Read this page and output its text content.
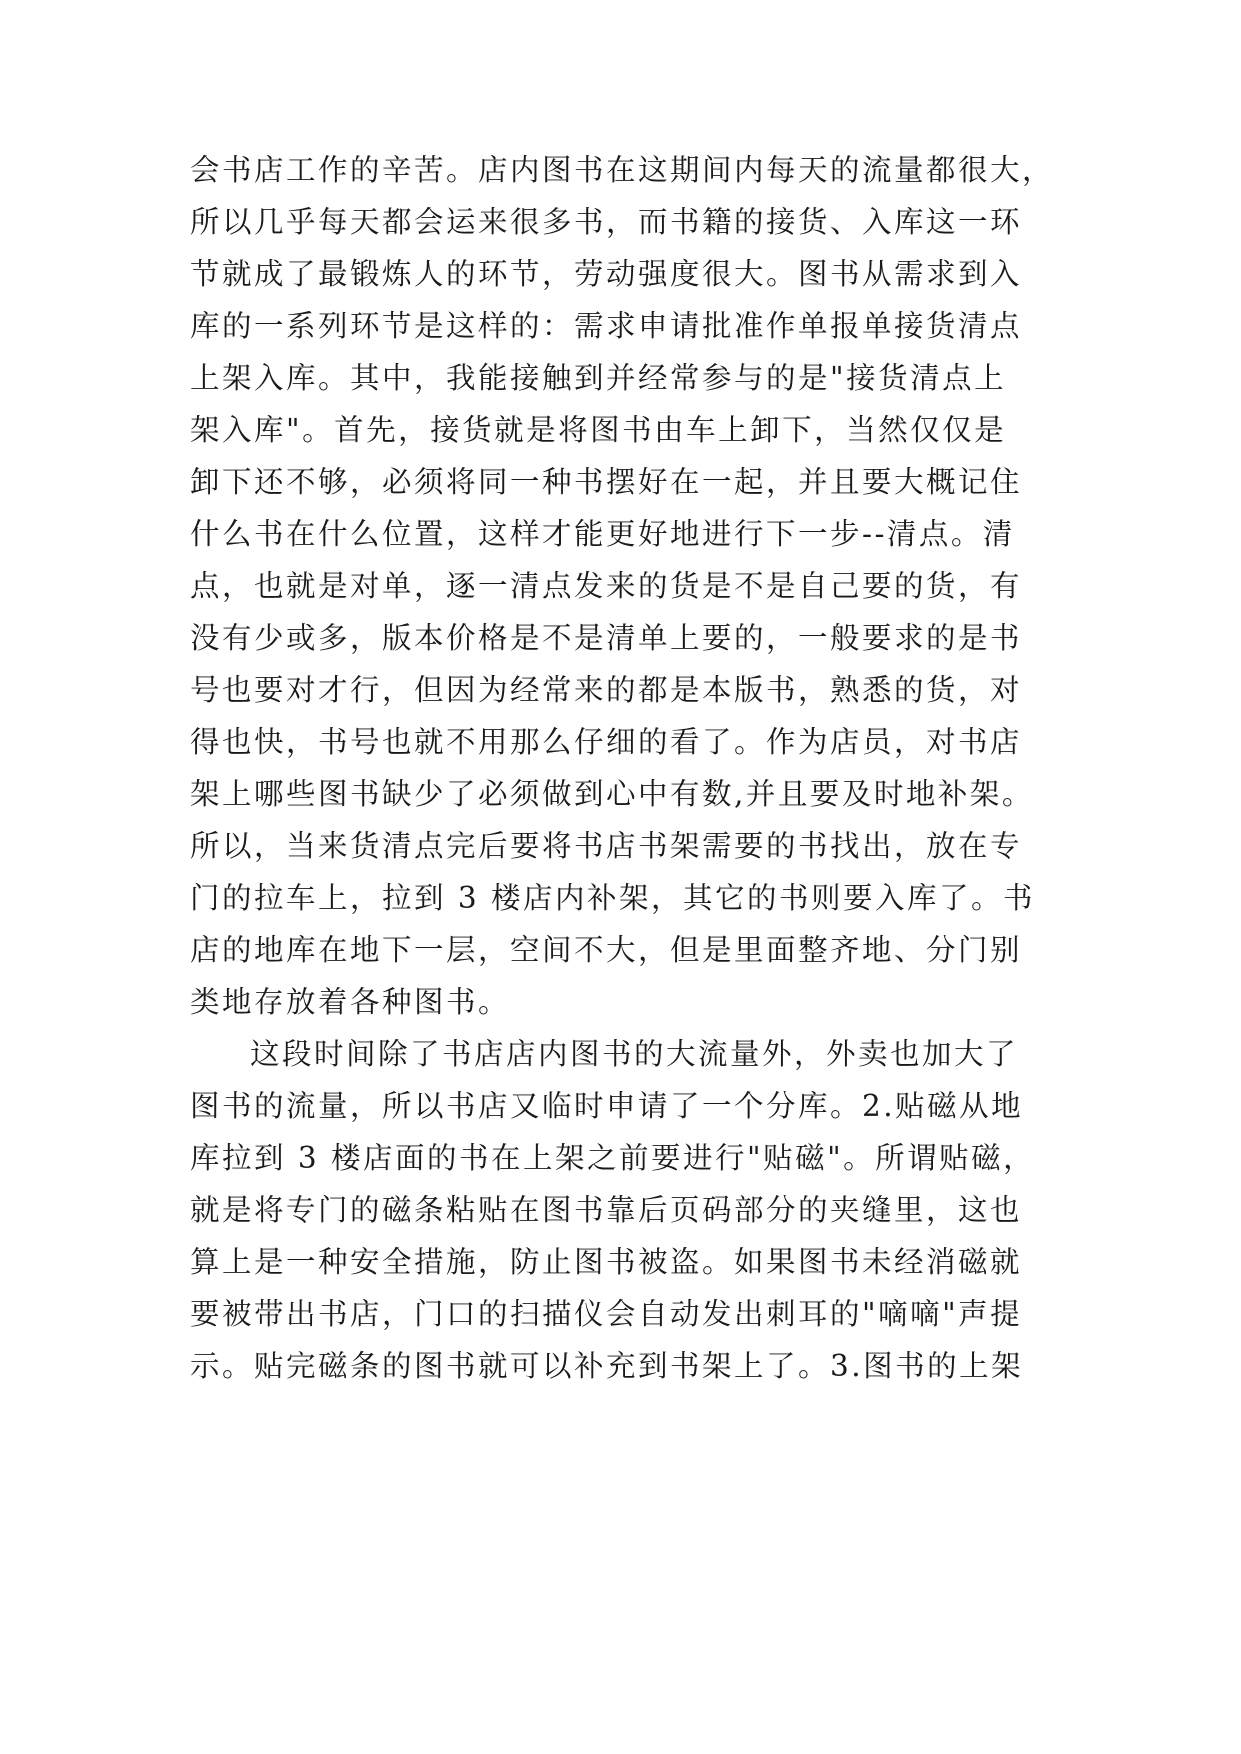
会书店工作的辛苦。店内图书在这期间内每天的流量都很大，
所以几乎每天都会运来很多书，而书籍的接货、入库这一环
节就成了最锻炼人的环节，劳动强度很大。图书从需求到入
库的一系列环节是这样的：需求申请批准作单报单接货清点
上架入库。其中，我能接触到并经常参与的是"接货清点上
架入库"。首先，接货就是将图书由车上卸下，当然仅仅是
卸下还不够，必须将同一种书摆好在一起，并且要大概记住
什么书在什么位置，这样才能更好地进行下一步--清点。清
点，也就是对单，逐一清点发来的货是不是自己要的货，有
没有少或多，版本价格是不是清单上要的，一般要求的是书
号也要对才行，但因为经常来的都是本版书，熟悉的货，对
得也快，书号也就不用那么仔细的看了。作为店员，对书店
架上哪些图书缺少了必须做到心中有数,并且要及时地补架。
所以，当来货清点完后要将书店书架需要的书找出，放在专
门的拉车上，拉到 3 楼店内补架，其它的书则要入库了。书
店的地库在地下一层，空间不大，但是里面整齐地、分门别
类地存放着各种图书。
这段时间除了书店店内图书的大流量外，外卖也加大了
图书的流量，所以书店又临时申请了一个分库。2.贴磁从地
库拉到 3 楼店面的书在上架之前要进行"贴磁"。所谓贴磁，
就是将专门的磁条粘贴在图书靠后页码部分的夹缝里，这也
算上是一种安全措施，防止图书被盗。如果图书未经消磁就
要被带出书店，门口的扫描仪会自动发出刺耳的"嘀嘀"声提
示。贴完磁条的图书就可以补充到书架上了。3.图书的上架
